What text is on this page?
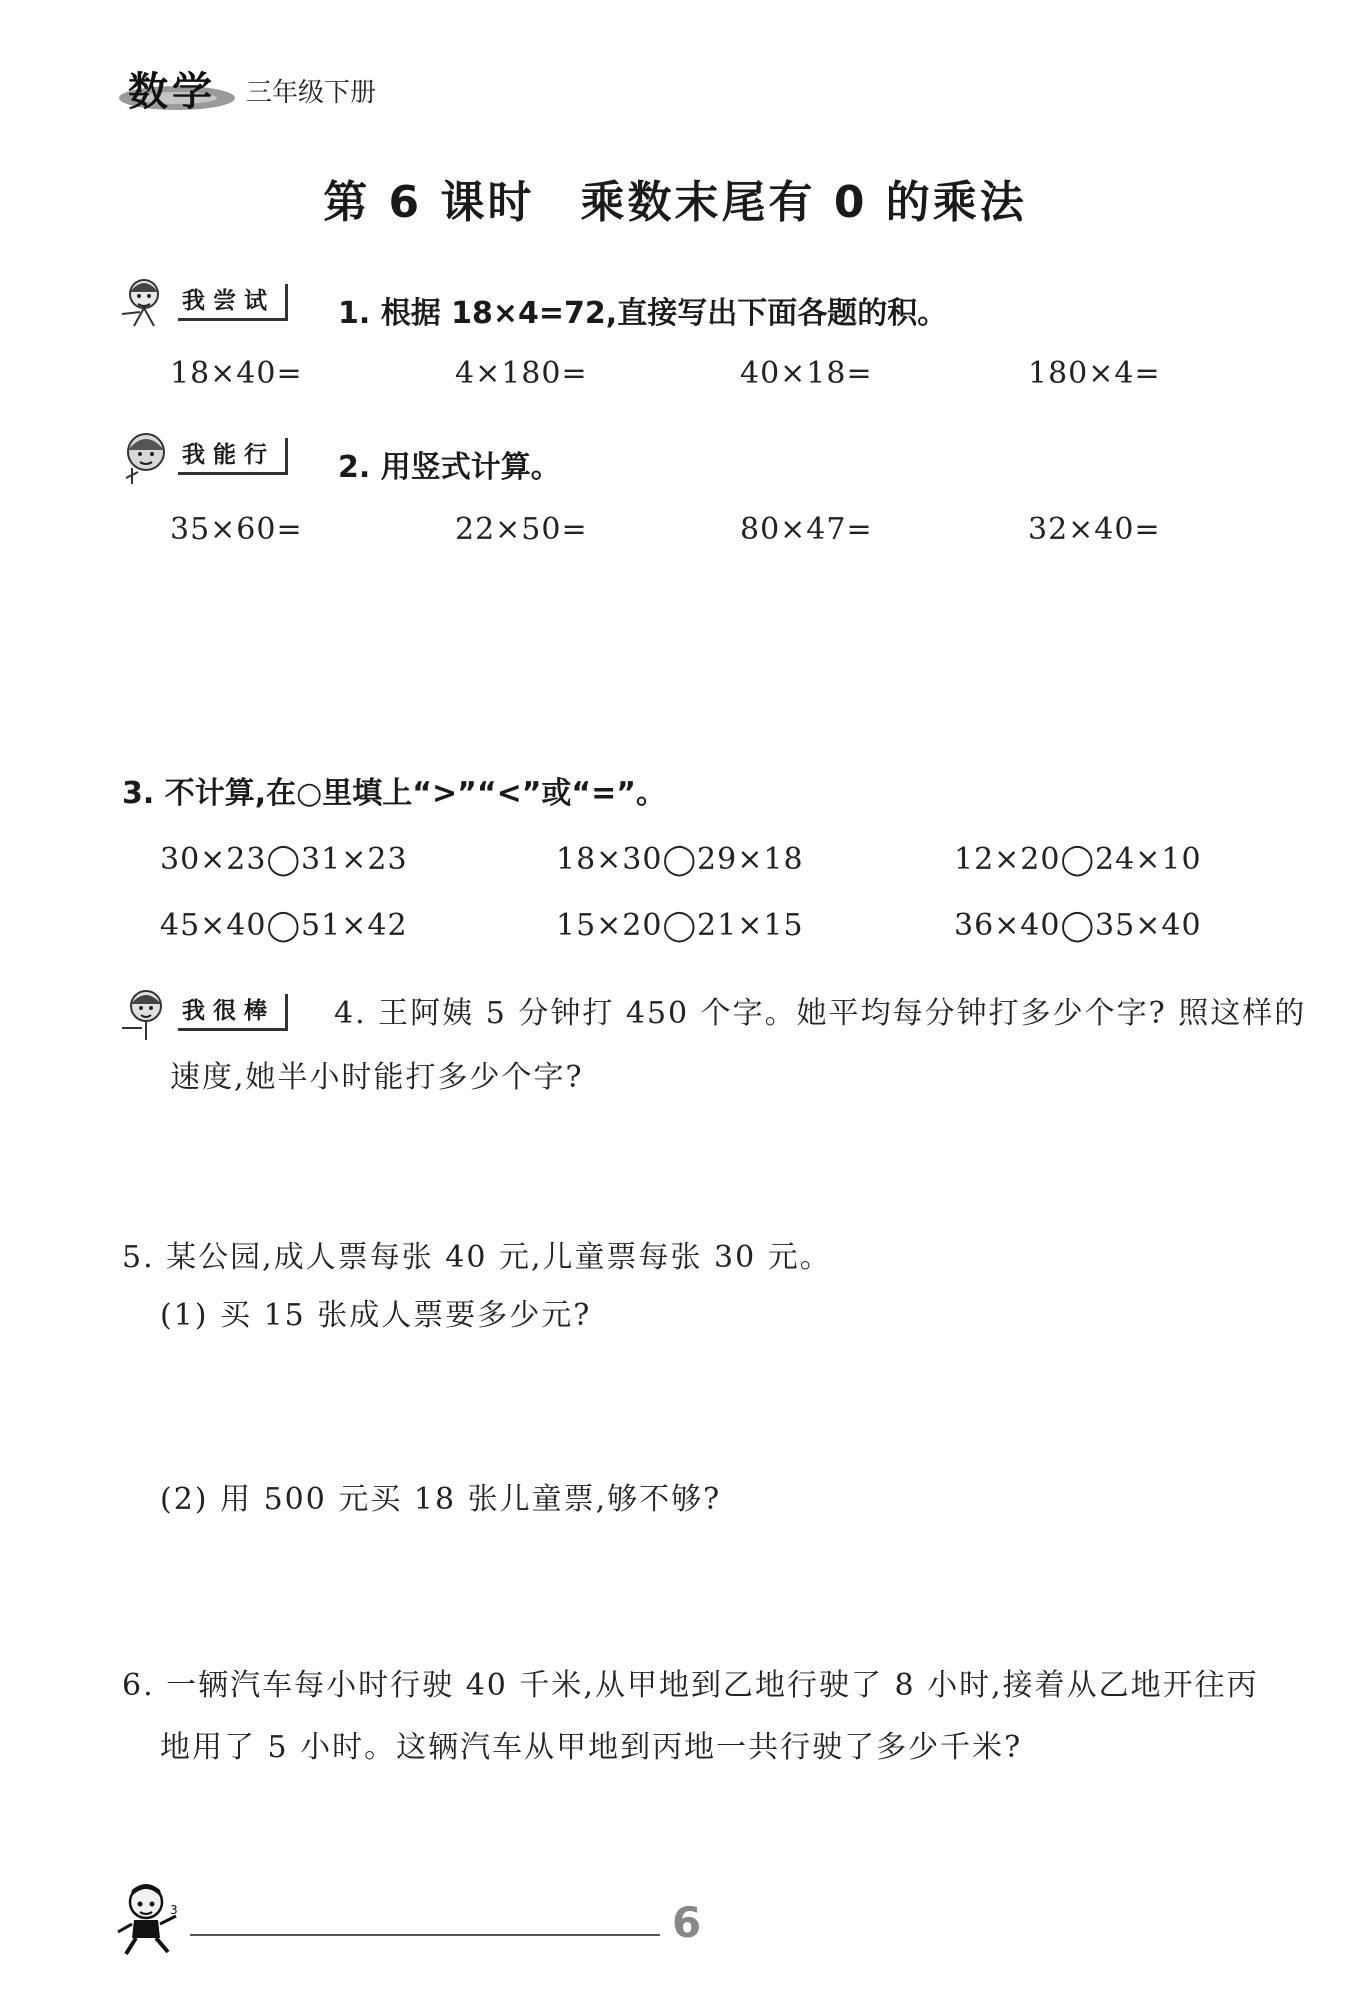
数学 三年级下册
第 6 课时 乘数末尾有 0 的乘法
我尝试	1. 根据 18×4=72,直接写出下面各题的积。
18×40=	4×180=	40×18=	180×4=
我能行	2. 用竖式计算。
35×60=	22×50=	80×47=	32×40=
3. 不计算,在○里填上“>”“<”或“=”。
30×23◯31×23	18×30◯29×18	12×20◯24×10
45×40◯51×42	15×20◯21×15	36×40◯35×40
我很棒	4. 王阿姨 5 分钟打 450 个字。她平均每分钟打多少个字? 照这样的
速度,她半小时能打多少个字?
5. 某公园,成人票每张 40 元,儿童票每张 30 元。
(1) 买 15 张成人票要多少元?
(2) 用 500 元买 18 张儿童票,够不够?
6. 一辆汽车每小时行驶 40 千米,从甲地到乙地行驶了 8 小时,接着从乙地开往丙
地用了 5 小时。这辆汽车从甲地到丙地一共行驶了多少千米?
3	6
